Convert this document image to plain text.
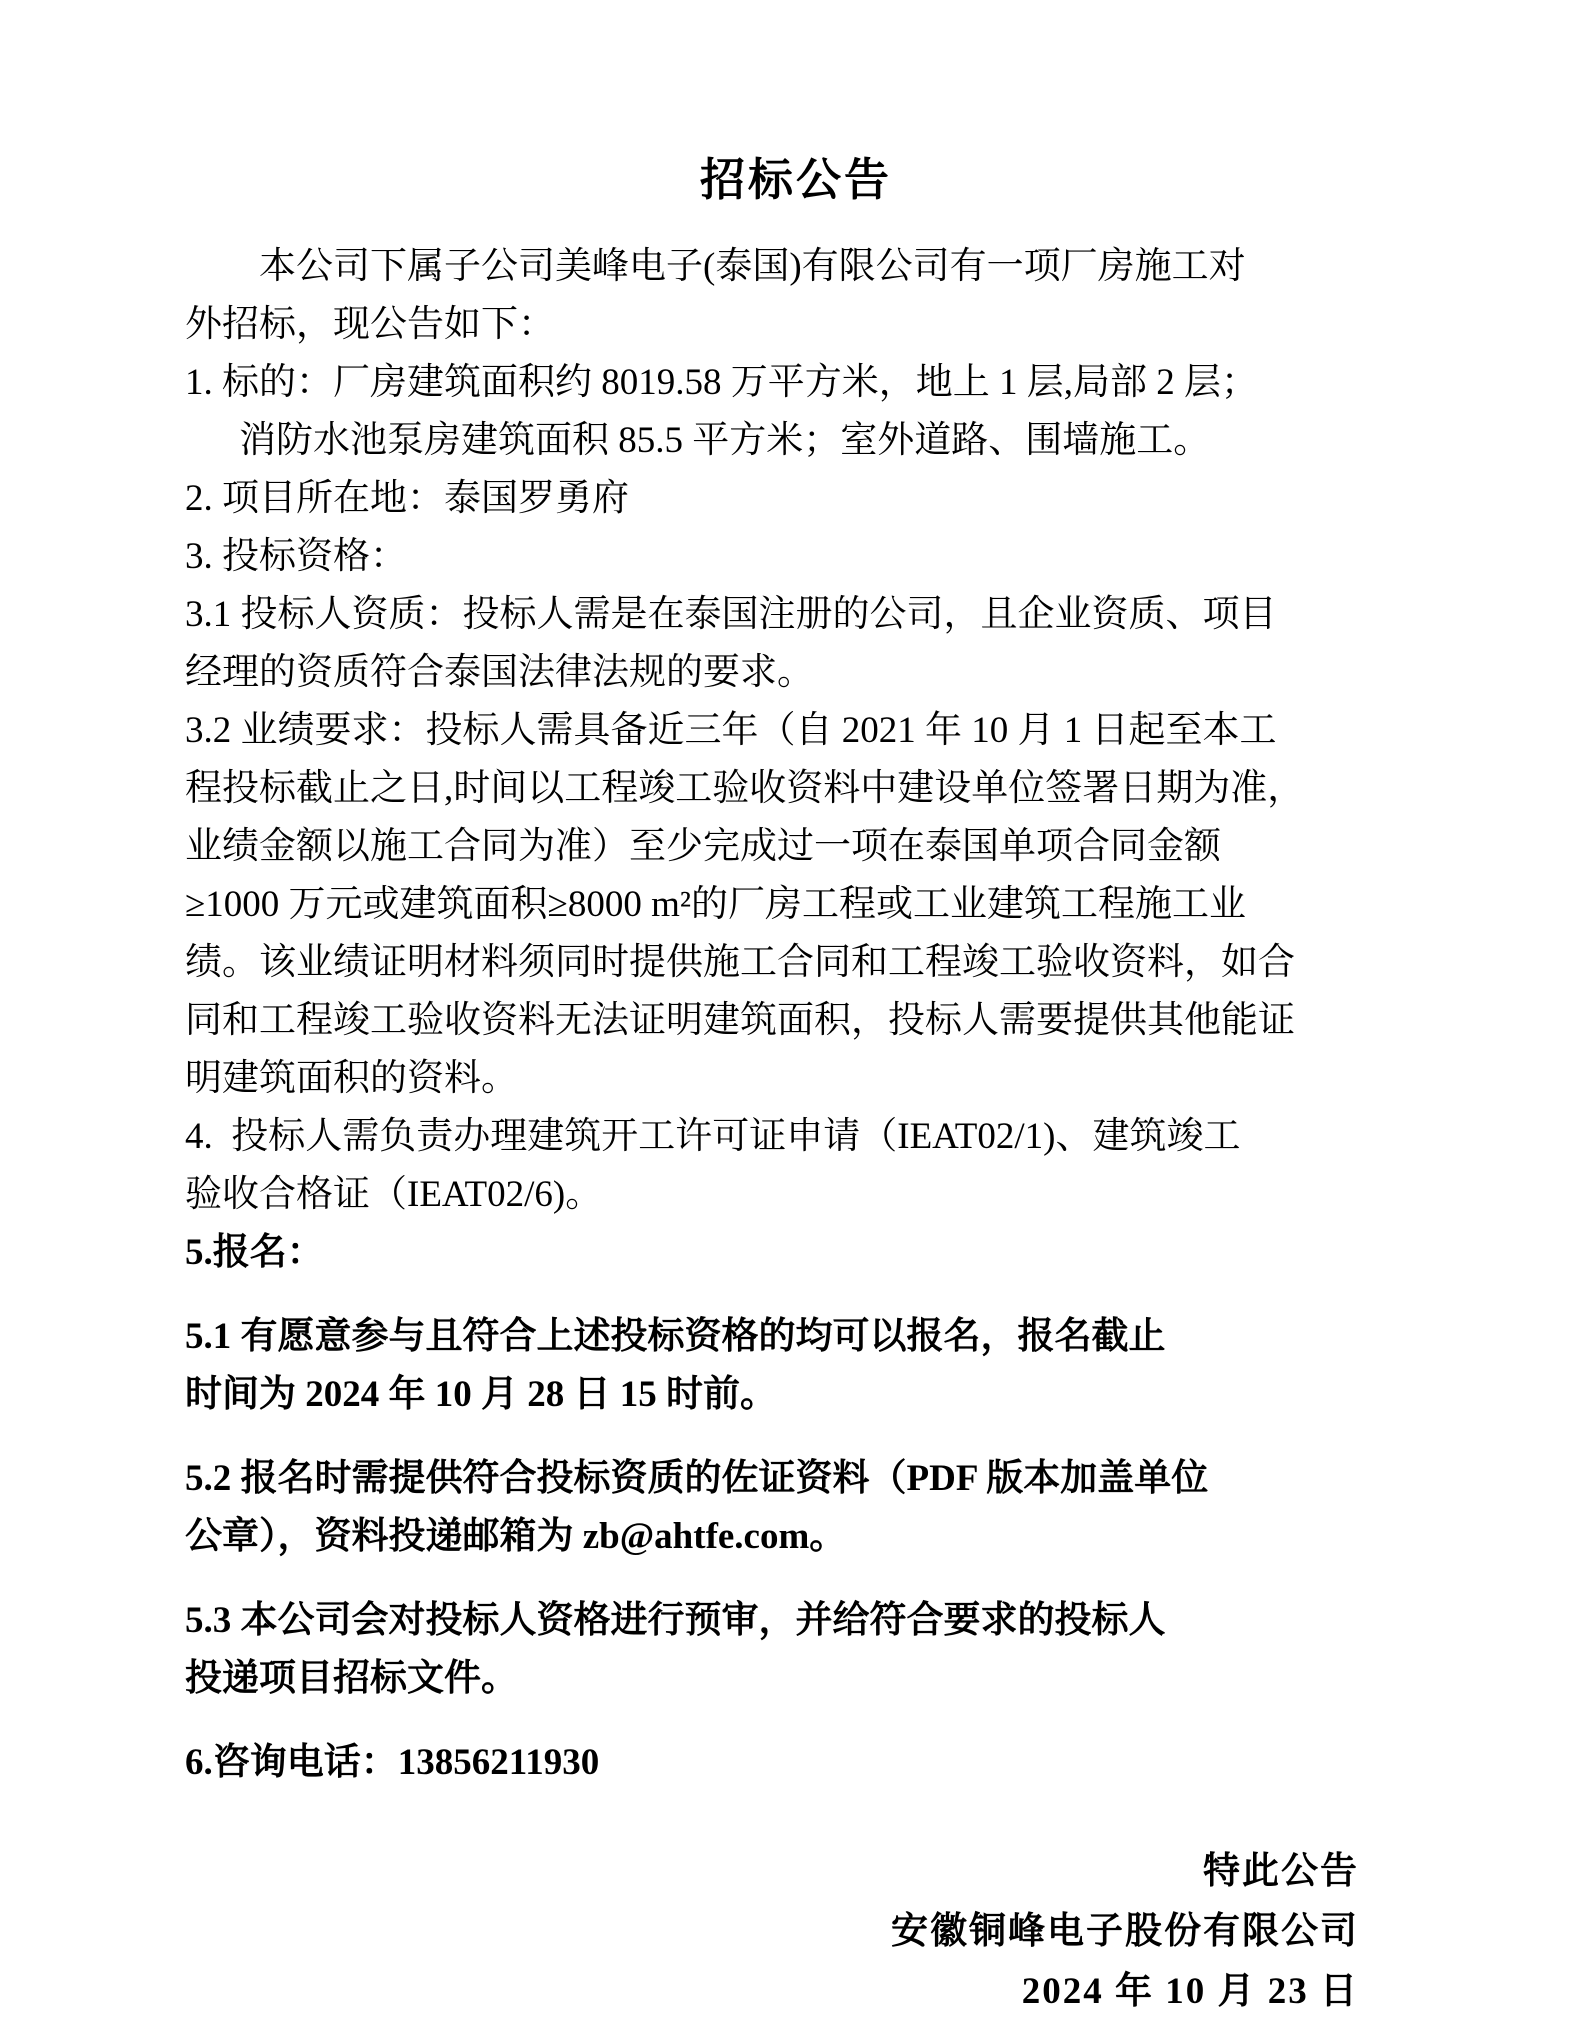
招标公告
本公司下属子公司美峰电子(泰国)有限公司有一项厂房施工对
外招标，现公告如下：
1. 标的：厂房建筑面积约 8019.58 万平方米，地上 1 层,局部 2 层；
消防水池泵房建筑面积 85.5 平方米；室外道路、围墙施工。
2. 项目所在地：泰国罗勇府
3. 投标资格：
3.1 投标人资质：投标人需是在泰国注册的公司，且企业资质、项目
经理的资质符合泰国法律法规的要求。
3.2 业绩要求：投标人需具备近三年（自 2021 年 10 月 1 日起至本工
程投标截止之日,时间以工程竣工验收资料中建设单位签署日期为准，
业绩金额以施工合同为准）至少完成过一项在泰国单项合同金额
≥1000 万元或建筑面积≥8000 m²的厂房工程或工业建筑工程施工业
绩。该业绩证明材料须同时提供施工合同和工程竣工验收资料，如合
同和工程竣工验收资料无法证明建筑面积，投标人需要提供其他能证
明建筑面积的资料。
4.  投标人需负责办理建筑开工许可证申请（IEAT02/1)、建筑竣工
验收合格证（IEAT02/6)。
5.报名：
5.1 有愿意参与且符合上述投标资格的均可以报名，报名截止
时间为 2024 年 10 月 28 日 15 时前。
5.2 报名时需提供符合投标资质的佐证资料（PDF 版本加盖单位
公章），资料投递邮箱为 zb@ahtfe.com。
5.3 本公司会对投标人资格进行预审，并给符合要求的投标人
投递项目招标文件。
6.咨询电话：13856211930
特此公告
安徽铜峰电子股份有限公司
2024 年 10 月 23 日
